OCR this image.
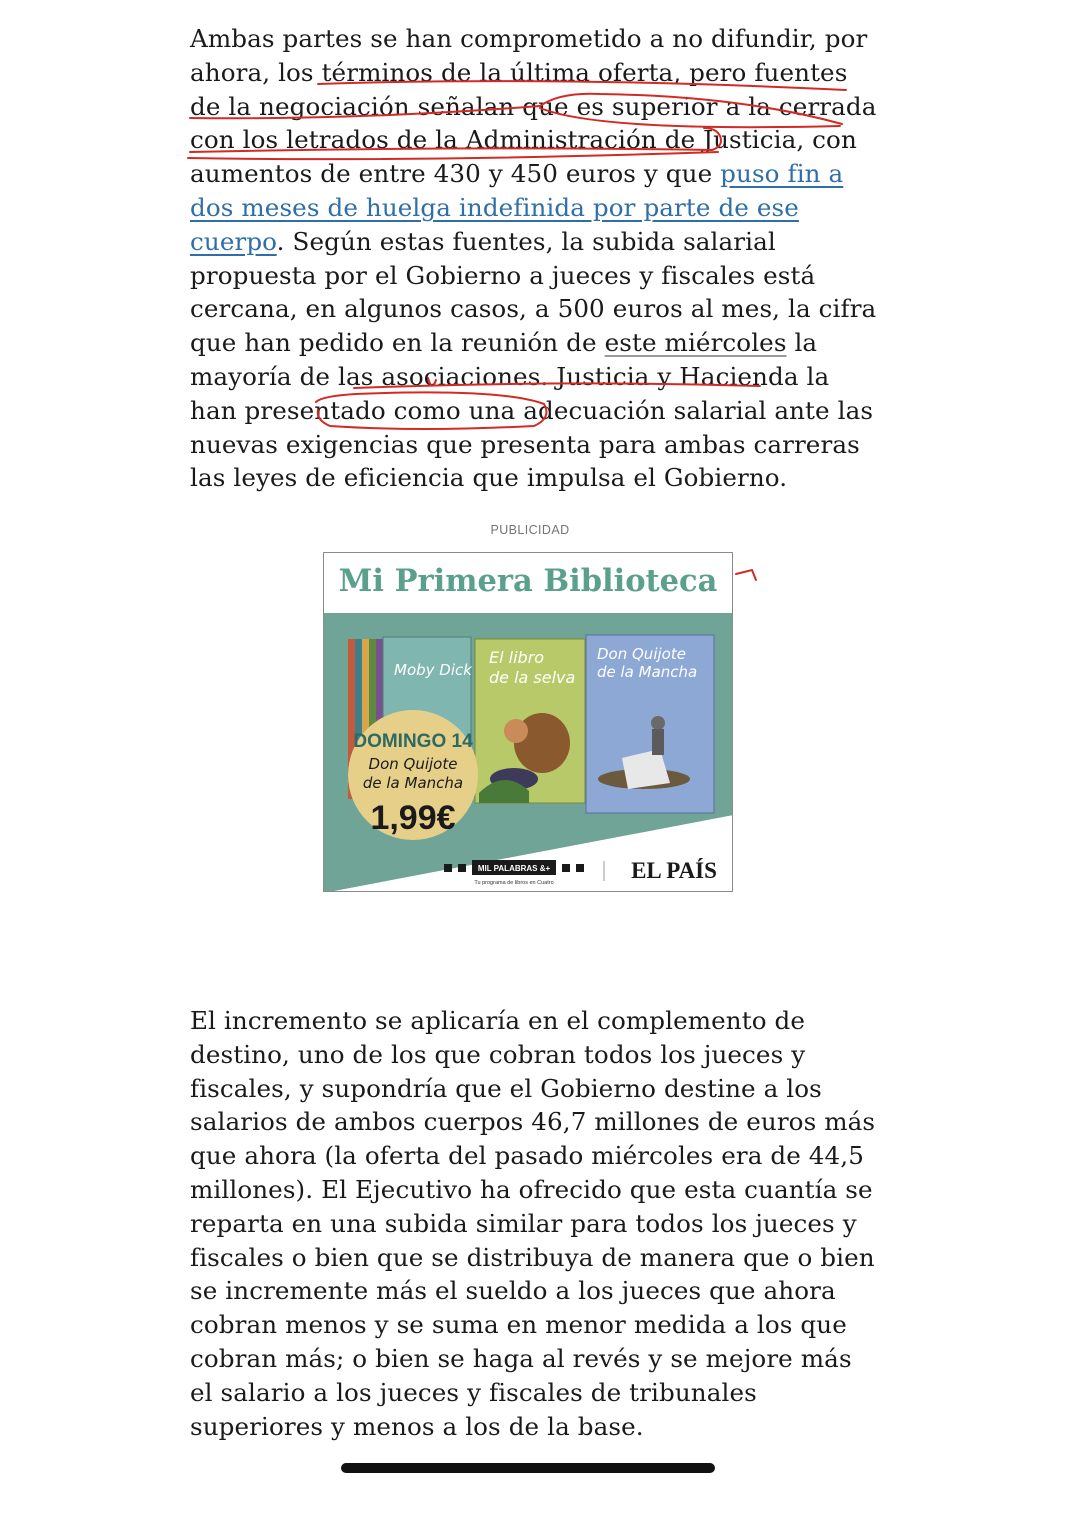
Ambas partes se han comprometido a no difundir, por ahora, los términos de la última oferta, pero fuentes de la negociación señalan que es superior a la cerrada con los letrados de la Administración de Justicia, con aumentos de entre 430 y 450 euros y que puso fin a dos meses de huelga indefinida por parte de ese cuerpo. Según estas fuentes, la subida salarial propuesta por el Gobierno a jueces y fiscales está cercana, en algunos casos, a 500 euros al mes, la cifra que han pedido en la reunión de este miércoles la mayoría de las asociaciones. Justicia y Hacienda la han presentado como una adecuación salarial ante las nuevas exigencias que presenta para ambas carreras las leyes de eficiencia que impulsa el Gobierno.

El incremento se aplicaría en el complemento de destino, uno de los que cobran todos los jueces y fiscales, y supondría que el Gobierno destine a los salarios de ambos cuerpos 46,7 millones de euros más que ahora (la oferta del pasado miércoles era de 44,5 millones). El Ejecutivo ha ofrecido que esta cuantía se reparta en una subida similar para todos los jueces y fiscales o bien que se distribuya de manera que o bien se incremente más el sueldo a los jueces que ahora cobran menos y se suma en menor medida a los que cobran más; o bien se haga al revés y se mejore más el salario a los jueces y fiscales de tribunales superiores y menos a los de la base.

PUBLICIDAD
Mi Primera Biblioteca
Moby Dick
El libro
de la selva
Don Quijote
de la Mancha
DOMINGO 14
Don Quijote
de la Mancha
1,99€
MIL PALABRAS &+
Tu programa de libros en Cuatro	EL PAÍS
